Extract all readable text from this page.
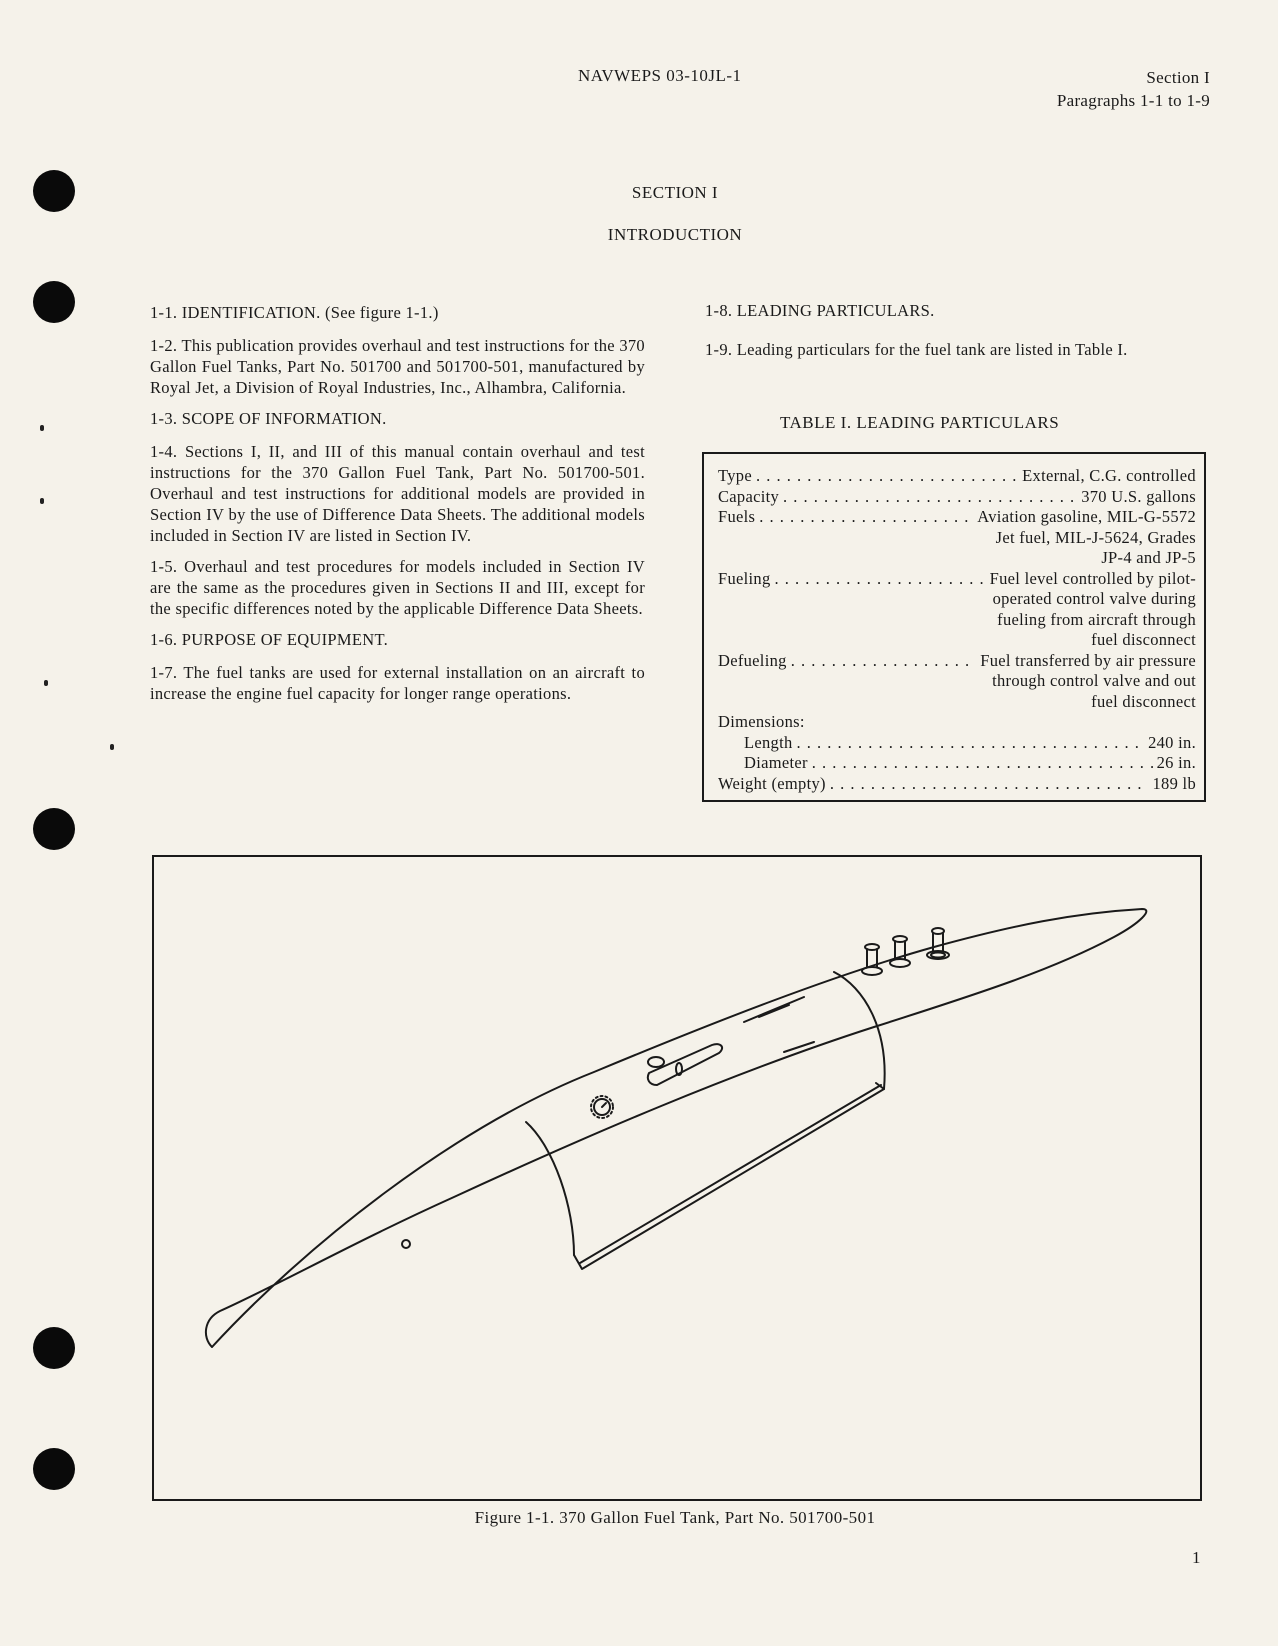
NAVWEPS 03-10JL-1	Section I
Paragraphs 1-1 to 1-9
SECTION I
INTRODUCTION

1-1. IDENTIFICATION. (See figure 1-1.)

1-2. This publication provides overhaul and test instructions for the 370 Gallon Fuel Tanks, Part No. 501700 and 501700-501, manufactured by Royal Jet, a Division of Royal Industries, Inc., Alhambra, California.

1-3. SCOPE OF INFORMATION.

1-4. Sections I, II, and III of this manual contain overhaul and test instructions for the 370 Gallon Fuel Tank, Part No. 501700-501. Overhaul and test instructions for additional models are provided in Section IV by the use of Difference Data Sheets. The additional models included in Section IV are listed in Section IV.

1-5. Overhaul and test procedures for models included in Section IV are the same as the procedures given in Sections II and III, except for the specific differences noted by the applicable Difference Data Sheets.

1-6. PURPOSE OF EQUIPMENT.

1-7. The fuel tanks are used for external installation on an aircraft to increase the engine fuel capacity for longer range operations.

1-8. LEADING PARTICULARS.

1-9. Leading particulars for the fuel tank are listed in Table I.

TABLE I. LEADING PARTICULARS
Type . . .	External, C.G. controlled
Capacity . . .	370 U.S. gallons
Fuels . . .	Aviation gasoline, MIL-G-5572
Jet fuel, MIL-J-5624, Grades
JP-4 and JP-5
Fueling . . .	Fuel level controlled by pilot-
operated control valve during
fueling from aircraft through
fuel disconnect
Defueling . . .	Fuel transferred by air pressure
through control valve and out
fuel disconnect
Dimensions:
Length . . .	240 in.
Diameter . . .	26 in.
Weight (empty) . . .	189 lb
Figure 1-1. 370 Gallon Fuel Tank, Part No. 501700-501
1
